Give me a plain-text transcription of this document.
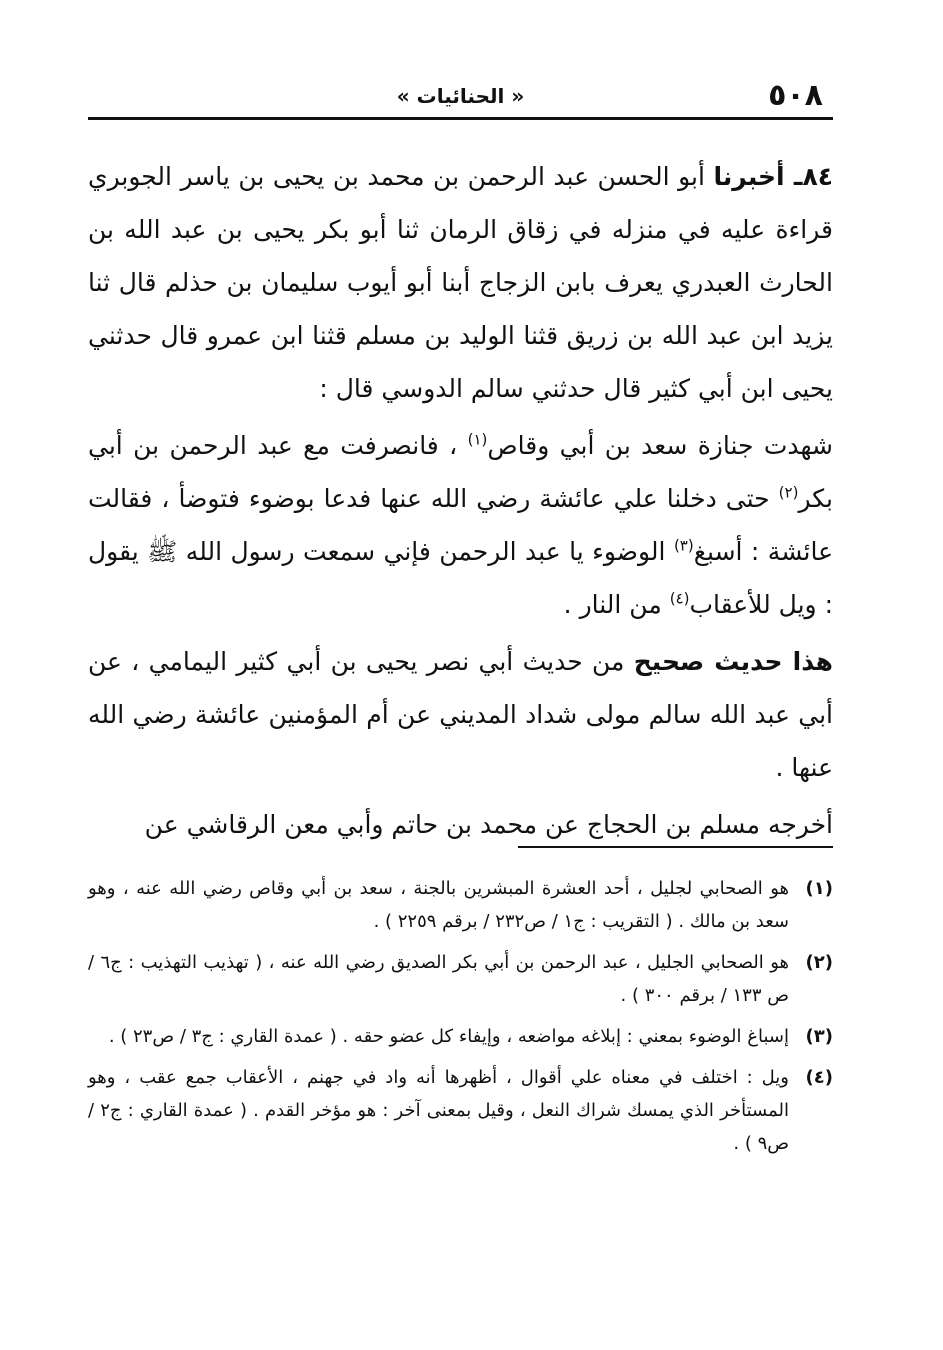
٥٠٨
« الحنائيات »

٨٤ـ أخبرنا أبو الحسن عبد الرحمن بن محمد بن يحيى بن ياسر الجوبري قراءة عليه في منزله في زقاق الرمان ثنا أبو بكر يحيى بن عبد الله بن الحارث العبدري يعرف بابن الزجاج أبنا أبو أيوب سليمان بن حذلم قال ثنا يزيد ابن عبد الله بن زريق قثنا الوليد بن مسلم قثنا ابن عمرو قال حدثني يحيى ابن أبي كثير قال حدثني سالم الدوسي قال :

شهدت جنازة سعد بن أبي وقاص$^{(١)}$ ، فانصرفت مع عبد الرحمن بن أبي بكر$^{(٢)}$ حتى دخلنا علي عائشة رضي الله عنها فدعا بوضوء فتوضأ ، فقالت عائشة : أسبغ$^{(٣)}$ الوضوء يا عبد الرحمن فإني سمعت رسول الله ﷺ يقول : ويل للأعقاب$^{(٤)}$ من النار .

هذا حديث صحيح من حديث أبي نصر يحيى بن أبي كثير اليمامي ، عن أبي عبد الله سالم مولى شداد المديني عن أم المؤمنين عائشة رضي الله عنها .

أخرجه مسلم بن الحجاج عن محمد بن حاتم وأبي معن الرقاشي عن

(١)
هو الصحابي لجليل ، أحد العشرة المبشرين بالجنة ، سعد بن أبي وقاص رضي الله عنه ، وهو سعد بن مالك . ( التقريب : ج١ / ص٢٣٢ / برقم ٢٢٥٩ ) .

(٢)
هو الصحابي الجليل ، عبد الرحمن بن أبي بكر الصديق رضي الله عنه ، ( تهذيب التهذيب : ج٦ / ص ١٣٣ / برقم ٣٠٠ ) .

(٣)
إسباغ الوضوء بمعني : إبلاغه مواضعه ، وإيفاء كل عضو حقه . ( عمدة القاري : ج٣ / ص٢٣ ) .

(٤)
ويل : اختلف في معناه علي أقوال ، أظهرها أنه واد في جهنم ، الأعقاب جمع عقب ، وهو المستأخر الذي يمسك شراك النعل ، وقيل بمعنى آخر : هو مؤخر القدم . ( عمدة القاري : ج٢ / ص٩ ) .
